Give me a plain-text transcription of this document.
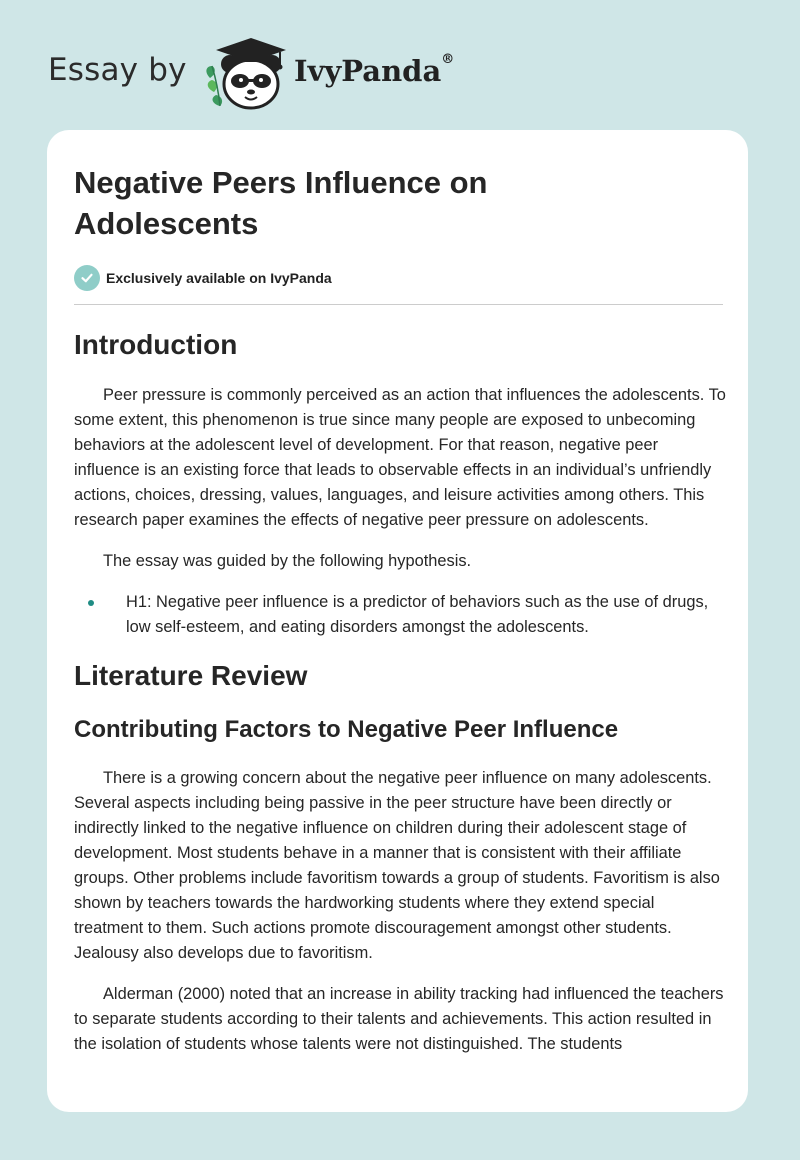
Essay by	IvyPanda®
Negative Peers Influence on Adolescents
Exclusively available on IvyPanda
Introduction

Peer pressure is commonly perceived as an action that influences the adolescents. To some extent, this phenomenon is true since many people are exposed to unbecoming behaviors at the adolescent level of development. For that reason, negative peer influence is an existing force that leads to observable effects in an individual’s unfriendly actions, choices, dressing, values, languages, and leisure activities among others. This research paper examines the effects of negative peer pressure on adolescents.

The essay was guided by the following hypothesis.

H1: Negative peer influence is a predictor of behaviors such as the use of drugs, low self-esteem, and eating disorders amongst the adolescents.
Literature Review
Contributing Factors to Negative Peer Influence

There is a growing concern about the negative peer influence on many adolescents. Several aspects including being passive in the peer structure have been directly or indirectly linked to the negative influence on children during their adolescent stage of development. Most students behave in a manner that is consistent with their affiliate groups. Other problems include favoritism towards a group of students. Favoritism is also shown by teachers towards the hardworking students where they extend special treatment to them. Such actions promote discouragement amongst other students. Jealousy also develops due to favoritism.

Alderman (2000) noted that an increase in ability tracking had influenced the teachers to separate students according to their talents and achievements. This action resulted in the isolation of students whose talents were not distinguished. The students
